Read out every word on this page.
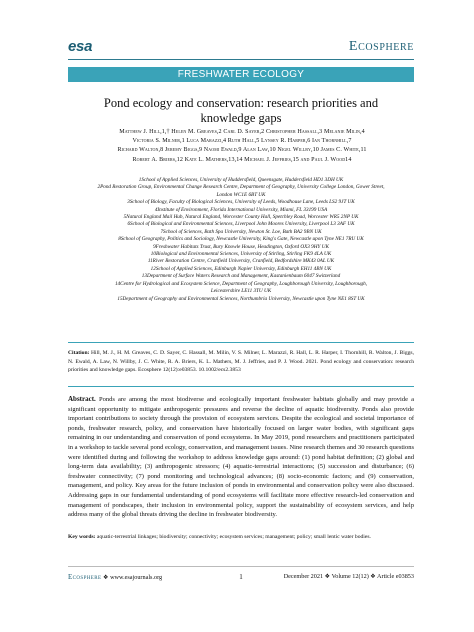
esa	Ecosphere
FRESHWATER ECOLOGY
Pond ecology and conservation: research priorities and
knowledge gaps
Matthew J. Hill,1,† Helen M. Greaves,2 Carl D. Sayer,2 Christopher Hassall,3 Melanie Milin,4
Victoria S. Milner,1 Luca Marazzi,4 Ruth Hall,5 Lynsey R. Harper,6 Ian Thornhill,7
Richard Walton,8 Jeremy Biggs,9 Naomi Ewald,9 Alan Law,10 Nigel Willby,10 James C. White,11
Robert A. Briers,12 Kate L. Mathers,13,14 Michael J. Jeffries,15 and Paul J. Wood14
1School of Applied Sciences, University of Huddersfield, Queensgate, Huddersfield HD1 3DH UK
2Pond Restoration Group, Environmental Change Research Centre, Department of Geography, University College London, Gower Street,
London WC1E 6BT UK
3School of Biology, Faculty of Biological Sciences, University of Leeds, Woodhouse Lane, Leeds LS2 9JT UK
4Institute of Environment, Florida International University, Miami, FL 33199 USA
5Natural England Mail Hub, Natural England, Worcester County Hall, Spetchley Road, Worcester WR5 2NP UK
6School of Biological and Environmental Sciences, Liverpool John Moores University, Liverpool L3 3AF UK
7School of Sciences, Bath Spa University, Newton St. Loe, Bath BA2 9BN UK
8School of Geography, Politics and Sociology, Newcastle University, King's Gate, Newcastle upon Tyne NE1 7RU UK
9Freshwater Habitats Trust, Bury Knowle House, Headington, Oxford OX3 9HY UK
10Biological and Environmental Sciences, University of Stirling, Stirling FK9 4LA UK
11River Restoration Centre, Cranfield University, Cranfield, Bedfordshire MK43 0AL UK
12School of Applied Sciences, Edinburgh Napier University, Edinburgh EH11 4BN UK
13Department of Surface Waters Research and Management, Kastanienbaum 6047 Switzerland
14Centre for Hydrological and Ecosystem Science, Department of Geography, Loughborough University, Loughborough,
Leicestershire LE11 3TU UK
15Department of Geography and Environmental Sciences, Northumbria University, Newcastle upon Tyne NE1 8ST UK
Citation: Hill, M. J., H. M. Greaves, C. D. Sayer, C. Hassall, M. Milin, V. S. Milner, L. Marazzi, R. Hall, L. R. Harper, I. Thornhill, R. Walton, J. Biggs, N. Ewald, A. Law, N. Willby, J. C. White, R. A. Briers, K. L. Mathers, M. J. Jeffries, and P. J. Wood. 2021. Pond ecology and conservation: research priorities and knowledge gaps. Ecosphere 12(12):e03853. 10.1002/ecs2.3853
Abstract. Ponds are among the most biodiverse and ecologically important freshwater habitats globally and may provide a significant opportunity to mitigate anthropogenic pressures and reverse the decline of aquatic biodiversity. Ponds also provide important contributions to society through the provision of ecosystem services. Despite the ecological and societal importance of ponds, freshwater research, policy, and conservation have historically focused on larger water bodies, with significant gaps remaining in our understanding and conservation of pond ecosystems. In May 2019, pond researchers and practitioners participated in a workshop to tackle several pond ecology, conservation, and management issues. Nine research themes and 30 research questions were identified during and following the workshop to address knowledge gaps around: (1) pond habitat definition; (2) global and long-term data availability; (3) anthropogenic stressors; (4) aquatic-terrestrial interactions; (5) succession and disturbance; (6) freshwater connectivity; (7) pond monitoring and technological advances; (8) socio-economic factors; and (9) conservation, management, and policy. Key areas for the future inclusion of ponds in environmental and conservation policy were also discussed. Addressing gaps in our fundamental understanding of pond ecosystems will facilitate more effective research-led conservation and management of pondscapes, their inclusion in environmental policy, support the sustainability of ecosystem services, and help address many of the global threats driving the decline in freshwater biodiversity.
Key words: aquatic-terrestrial linkages; biodiversity; connectivity; ecosystem services; management; policy; small lentic water bodies.
Ecosphere ❖ www.esajournals.org	1	December 2021 ❖ Volume 12(12) ❖ Article e03853
